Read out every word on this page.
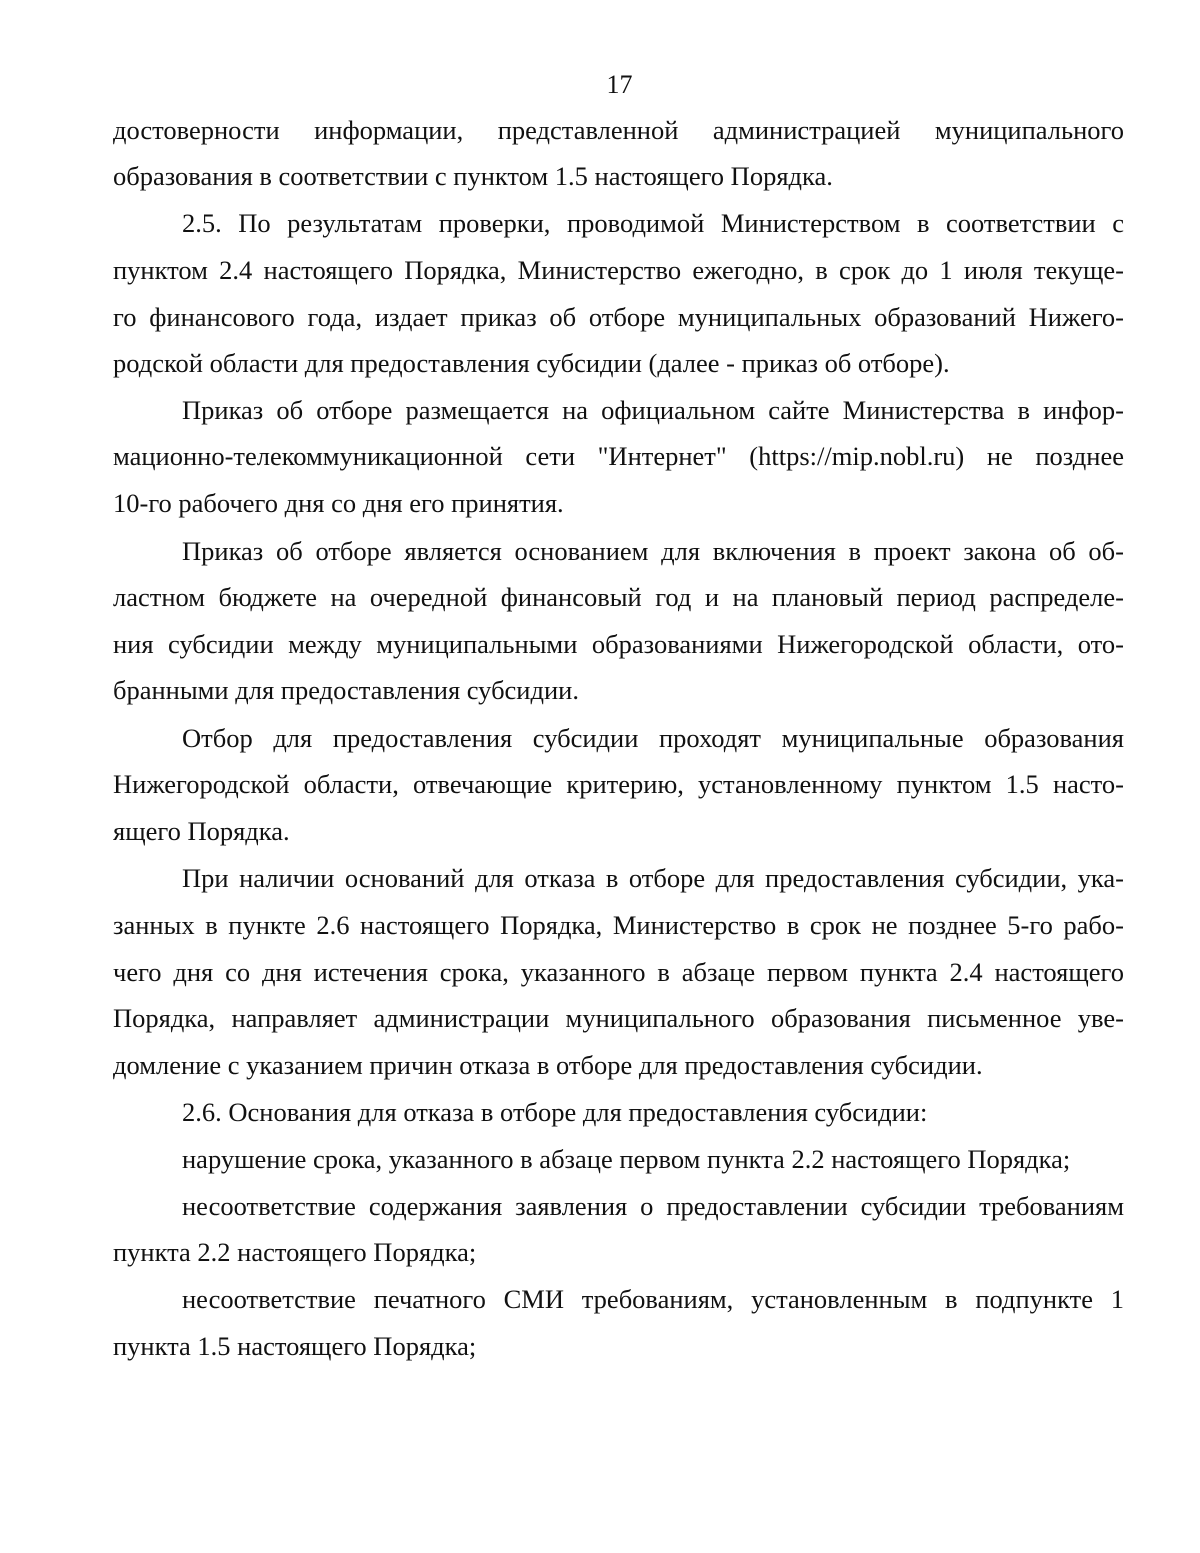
17
достоверности информации, представленной администрацией муниципального
образования в соответствии с пунктом 1.5 настоящего Порядка.
2.5. По результатам проверки, проводимой Министерством в соответствии с
пунктом 2.4 настоящего Порядка, Министерство ежегодно, в срок до 1 июля текуще-
го финансового года, издает приказ об отборе муниципальных образований Нижего-
родской области для предоставления субсидии (далее - приказ об отборе).
Приказ об отборе размещается на официальном сайте Министерства в инфор-
мационно-телекоммуникационной сети "Интернет" (https://mip.nobl.ru) не позднее
10-го рабочего дня со дня его принятия.
Приказ об отборе является основанием для включения в проект закона об об-
ластном бюджете на очередной финансовый год и на плановый период распределе-
ния субсидии между муниципальными образованиями Нижегородской области, ото-
бранными для предоставления субсидии.
Отбор для предоставления субсидии проходят муниципальные образования
Нижегородской области, отвечающие критерию, установленному пунктом 1.5 насто-
ящего Порядка.
При наличии оснований для отказа в отборе для предоставления субсидии, ука-
занных в пункте 2.6 настоящего Порядка, Министерство в срок не позднее 5-го рабо-
чего дня со дня истечения срока, указанного в абзаце первом пункта 2.4 настоящего
Порядка, направляет администрации муниципального образования письменное уве-
домление с указанием причин отказа в отборе для предоставления субсидии.
2.6. Основания для отказа в отборе для предоставления субсидии:
нарушение срока, указанного в абзаце первом пункта 2.2 настоящего Порядка;
несоответствие содержания заявления о предоставлении субсидии требованиям
пункта 2.2 настоящего Порядка;
несоответствие печатного СМИ требованиям, установленным в подпункте 1
пункта 1.5 настоящего Порядка;
